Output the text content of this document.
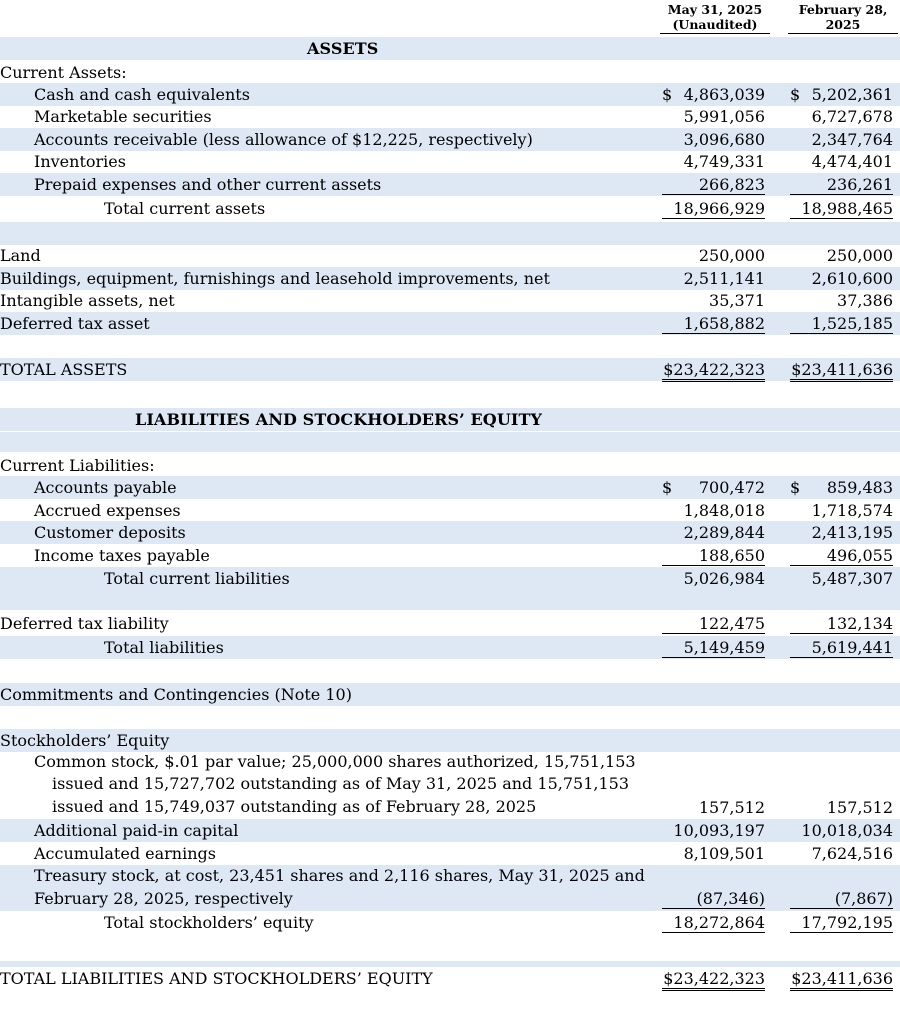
May 31, 2025
(Unaudited)
February 28,
2025
ASSETS
Current Assets:
Cash and cash equivalents	$ 4,863,039 $ 5,202,361
Marketable securities	5,991,056	6,727,678
Accounts receivable (less allowance of $12,225, respectively)	3,096,680	2,347,764
Inventories	4,749,331	4,474,401
Prepaid expenses and other current assets	266,823	236,261
Total current assets	18,966,929	18,988,465
Land	250,000	250,000
Buildings, equipment, furnishings and leasehold improvements, net	2,511,141	2,610,600
Intangible assets, net	35,371	37,386
Deferred tax asset	1,658,882	1,525,185
TOTAL ASSETS	$23,422,323 $23,411,636
LIABILITIES AND STOCKHOLDERS’ EQUITY
Current Liabilities:
Accounts payable	$ 700,472 $ 859,483
Accrued expenses	1,848,018	1,718,574
Customer deposits	2,289,844	2,413,195
Income taxes payable	188,650	496,055
Total current liabilities	5,026,984	5,487,307
Deferred tax liability	122,475	132,134
Total liabilities	5,149,459	5,619,441
Commitments and Contingencies (Note 10)
Stockholders’ Equity
Common stock, $.01 par value; 25,000,000 shares authorized, 15,751,153
issued and 15,727,702 outstanding as of May 31, 2025 and 15,751,153
issued and 15,749,037 outstanding as of February 28, 2025	157,512	157,512
Additional paid-in capital	10,093,197	10,018,034
Accumulated earnings	8,109,501	7,624,516
Treasury stock, at cost, 23,451 shares and 2,116 shares, May 31, 2025 and
February 28, 2025, respectively	(87,346)	(7,867)
Total stockholders’ equity	18,272,864	17,792,195
TOTAL LIABILITIES AND STOCKHOLDERS’ EQUITY	$23,422,323 $23,411,636
